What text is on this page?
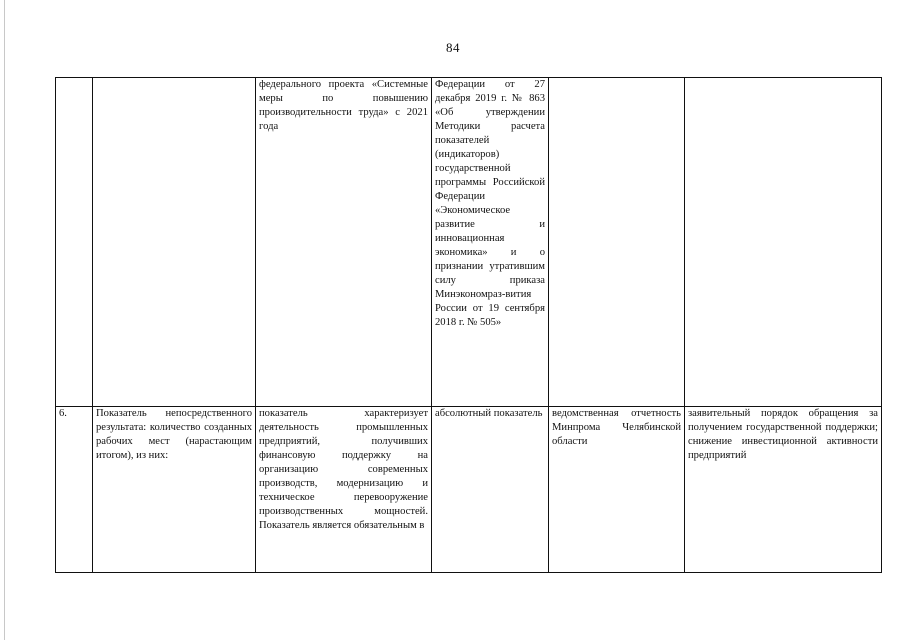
84
		федерального проекта «Системные меры по повышению производительности труда» с 2021 года	Федерации от 27 декабря 2019 г. № 863 «Об утверждении Методики расчета показателей (индикаторов) государственной программы Российской Федерации «Экономическое развитие и инновационная экономика» и о признании утратившим силу приказа Минэкономраз-вития России от 19 сентября 2018 г. № 505»		
6.	Показатель непосредственного результата: количество созданных рабочих мест (нарастающим итогом), из них:	показатель характеризует деятельность промышленных предприятий, получивших финансовую поддержку на организацию современных производств, модернизацию и техническое перевооружение производственных мощностей. Показатель является обязательным в	абсолютный показатель	ведомственная отчетность Минпрома Челябинской области	заявительный порядок обращения за получением государственной поддержки; снижение инвестиционной активности предприятий
